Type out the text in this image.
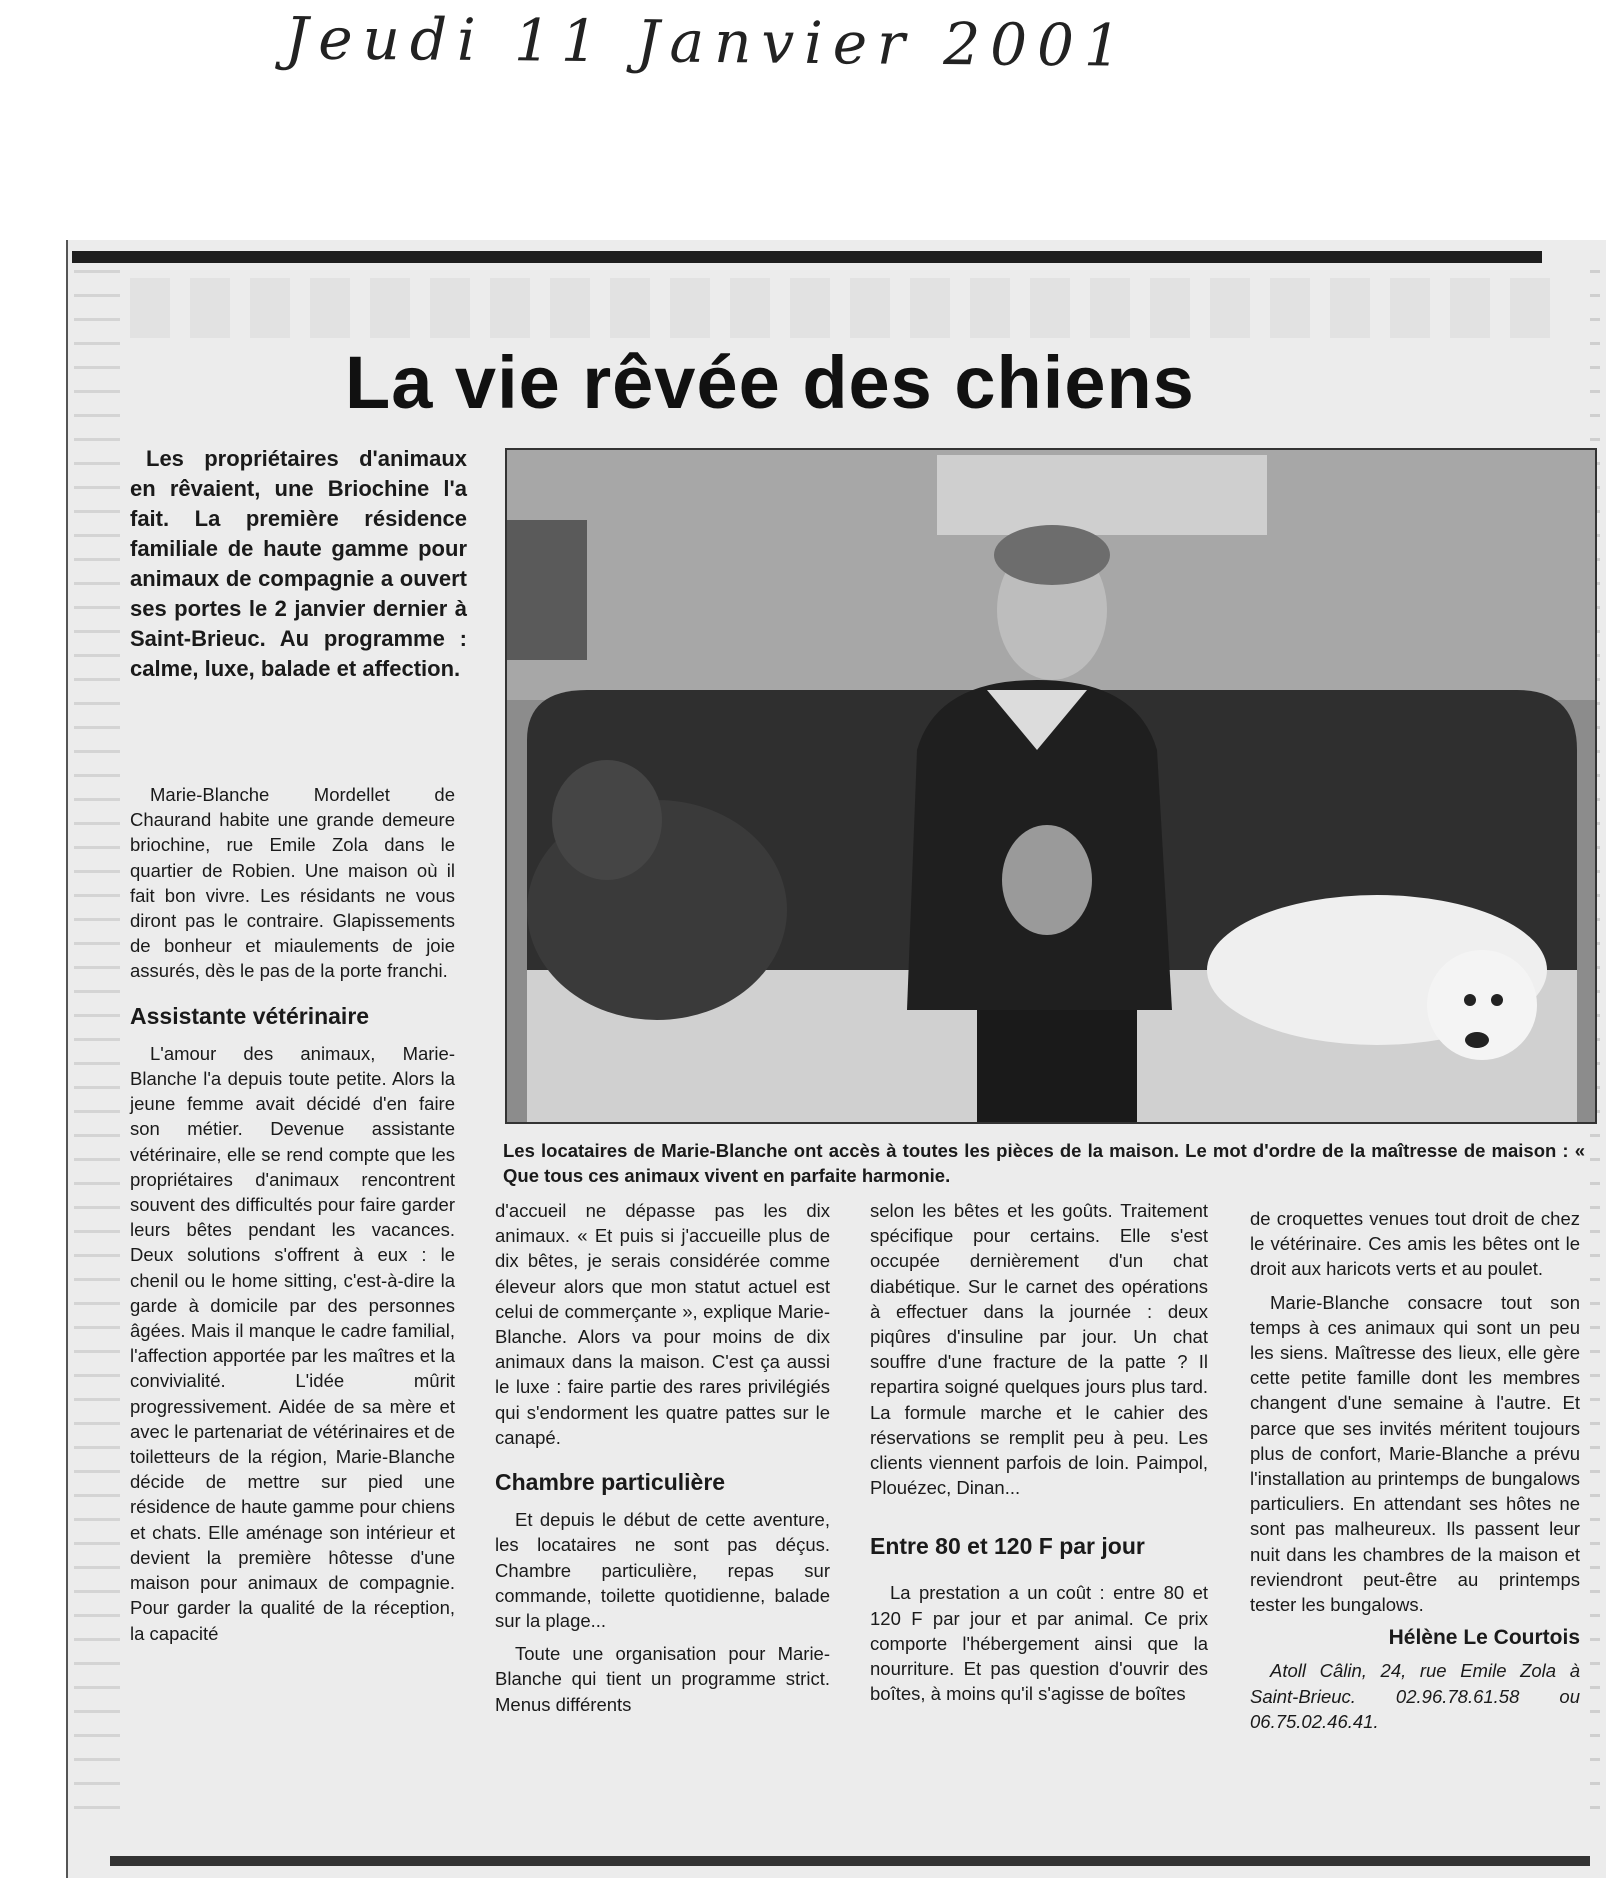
Jeudi 11 Janvier 2001
La vie rêvée des chiens
Les propriétaires d'animaux en rêvaient, une Briochine l'a fait. La première résidence familiale de haute gamme pour animaux de compagnie a ouvert ses portes le 2 janvier dernier à Saint-Brieuc. Au programme : calme, luxe, balade et affection.

Marie-Blanche Mordellet de Chaurand habite une grande demeure briochine, rue Emile Zola dans le quartier de Robien. Une maison où il fait bon vivre. Les résidants ne vous diront pas le contraire. Glapissements de bonheur et miaulements de joie assurés, dès le pas de la porte franchi.

Assistante vétérinaire

L'amour des animaux, Marie-Blanche l'a depuis toute petite. Alors la jeune femme avait décidé d'en faire son métier. Devenue assistante vétérinaire, elle se rend compte que les propriétaires d'animaux rencontrent souvent des difficultés pour faire garder leurs bêtes pendant les vacances. Deux solutions s'offrent à eux : le chenil ou le home sitting, c'est-à-dire la garde à domicile par des personnes âgées. Mais il manque le cadre familial, l'affection apportée par les maîtres et la convivialité. L'idée mûrit progressivement. Aidée de sa mère et avec le partenariat de vétérinaires et de toiletteurs de la région, Marie-Blanche décide de mettre sur pied une résidence de haute gamme pour chiens et chats. Elle aménage son intérieur et devient la première hôtesse d'une maison pour animaux de compagnie. Pour garder la qualité de la réception, la capacité

Les locataires de Marie-Blanche ont accès à toutes les pièces de la maison. Le mot d'ordre de la maîtresse de maison : « Que tous ces animaux vivent en parfaite harmonie.

d'accueil ne dépasse pas les dix animaux. « Et puis si j'accueille plus de dix bêtes, je serais considérée comme éleveur alors que mon statut actuel est celui de commerçante », explique Marie-Blanche. Alors va pour moins de dix animaux dans la maison. C'est ça aussi le luxe : faire partie des rares privilégiés qui s'endorment les quatre pattes sur le canapé.

Chambre particulière

Et depuis le début de cette aventure, les locataires ne sont pas déçus. Chambre particulière, repas sur commande, toilette quotidienne, balade sur la plage...

Toute une organisation pour Marie-Blanche qui tient un programme strict. Menus différents

selon les bêtes et les goûts. Traitement spécifique pour certains. Elle s'est occupée dernièrement d'un chat diabétique. Sur le carnet des opérations à effectuer dans la journée : deux piqûres d'insuline par jour. Un chat souffre d'une fracture de la patte ? Il repartira soigné quelques jours plus tard. La formule marche et le cahier des réservations se remplit peu à peu. Les clients viennent parfois de loin. Paimpol, Plouézec, Dinan...

Entre 80 et 120 F par jour

La prestation a un coût : entre 80 et 120 F par jour et par animal. Ce prix comporte l'hébergement ainsi que la nourriture. Et pas question d'ouvrir des boîtes, à moins qu'il s'agisse de boîtes

de croquettes venues tout droit de chez le vétérinaire. Ces amis les bêtes ont le droit aux haricots verts et au poulet.

Marie-Blanche consacre tout son temps à ces animaux qui sont un peu les siens. Maîtresse des lieux, elle gère cette petite famille dont les membres changent d'une semaine à l'autre. Et parce que ses invités méritent toujours plus de confort, Marie-Blanche a prévu l'installation au printemps de bungalows particuliers. En attendant ses hôtes ne sont pas malheureux. Ils passent leur nuit dans les chambres de la maison et reviendront peut-être au printemps tester les bungalows.

Hélène Le Courtois

Atoll Câlin, 24, rue Emile Zola à Saint-Brieuc. 02.96.78.61.58 ou 06.75.02.46.41.
